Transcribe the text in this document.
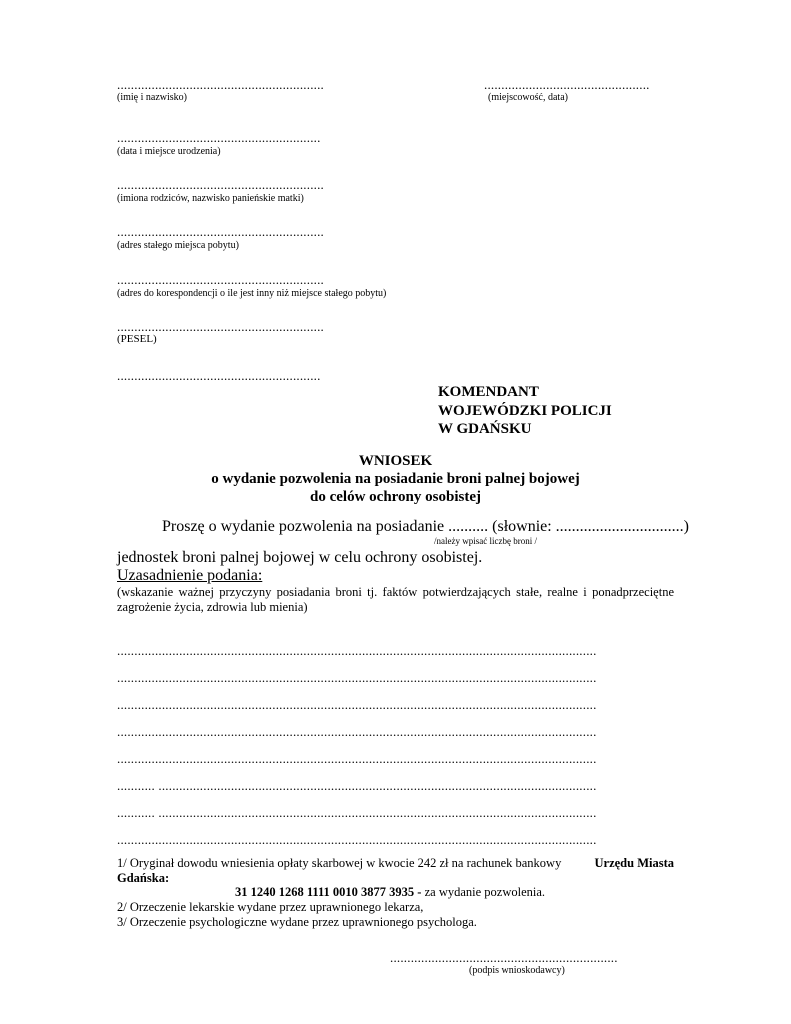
............................................................
(imię i nazwisko)
................................................
(miejscowość, data)
...........................................................
(data i miejsce urodzenia)
............................................................
(imiona rodziców, nazwisko panieńskie matki)
............................................................
(adres stałego miejsca pobytu)
............................................................
(adres do korespondencji o ile jest inny niż miejsce stałego pobytu)
............................................................
(PESEL)
...........................................................
KOMENDANT
WOJEWÓDZKI POLICJI
W GDAŃSKU
WNIOSEK
o wydanie pozwolenia na posiadanie broni palnej bojowej
do celów ochrony osobistej
Proszę o wydanie pozwolenia na posiadanie .......... (słownie: ................................)
/należy wpisać liczbę broni /
jednostek broni palnej bojowej w celu ochrony osobistej.
Uzasadnienie podania:
(wskazanie ważnej przyczyny posiadania broni tj. faktów potwierdzających stałe, realne i ponadprzeciętne
zagrożenie życia, zdrowia lub mienia)
...........................................................................................................................................
...........................................................................................................................................
...........................................................................................................................................
...........................................................................................................................................
...........................................................................................................................................
........... ...............................................................................................................................
........... ...............................................................................................................................
...........................................................................................................................................
1/ Oryginał dowodu wniesienia opłaty skarbowej w kwocie 242 zł na rachunek bankowy	Urzędu Miasta
Gdańska:
31 1240 1268 1111 0010 3877 3935 - za wydanie pozwolenia.
2/ Orzeczenie lekarskie wydane przez uprawnionego lekarza,
3/ Orzeczenie psychologiczne wydane przez uprawnionego psychologa.
..................................................................
(podpis wnioskodawcy)
